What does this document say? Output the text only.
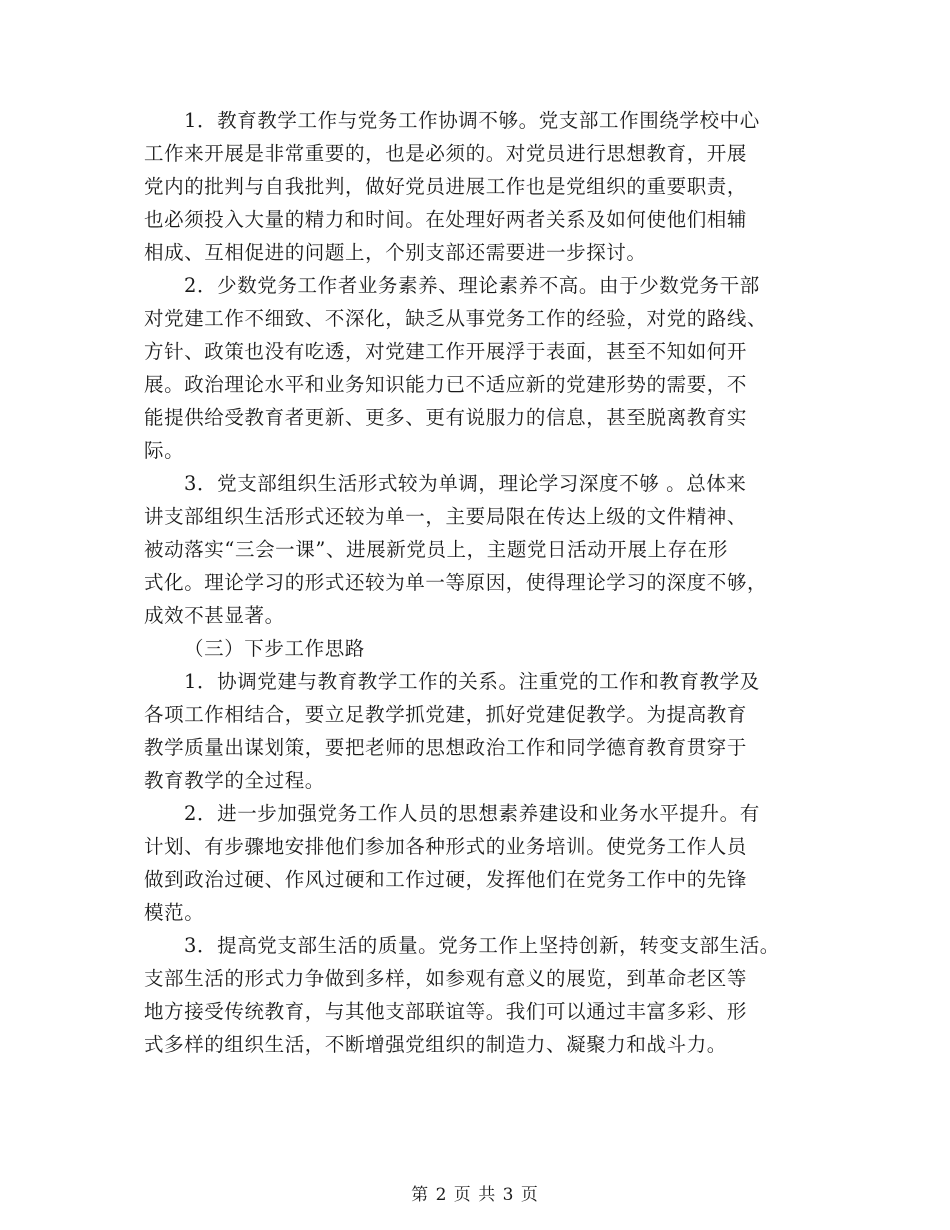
1．教育教学工作与党务工作协调不够。党支部工作围绕学校中心
工作来开展是非常重要的，也是必须的。对党员进行思想教育，开展
党内的批判与自我批判，做好党员进展工作也是党组织的重要职责，
也必须投入大量的精力和时间。在处理好两者关系及如何使他们相辅
相成、互相促进的问题上，个别支部还需要进一步探讨。
2．少数党务工作者业务素养、理论素养不高。由于少数党务干部
对党建工作不细致、不深化，缺乏从事党务工作的经验，对党的路线、
方针、政策也没有吃透，对党建工作开展浮于表面，甚至不知如何开
展。政治理论水平和业务知识能力已不适应新的党建形势的需要，不
能提供给受教育者更新、更多、更有说服力的信息，甚至脱离教育实
际。
3．党支部组织生活形式较为单调，理论学习深度不够 。总体来
讲支部组织生活形式还较为单一，主要局限在传达上级的文件精神、
被动落实“三会一课”、进展新党员上，主题党日活动开展上存在形
式化。理论学习的形式还较为单一等原因，使得理论学习的深度不够，
成效不甚显著。
（三）下步工作思路
1．协调党建与教育教学工作的关系。注重党的工作和教育教学及
各项工作相结合，要立足教学抓党建，抓好党建促教学。为提高教育
教学质量出谋划策，要把老师的思想政治工作和同学德育教育贯穿于
教育教学的全过程。
2．进一步加强党务工作人员的思想素养建设和业务水平提升。有
计划、有步骤地安排他们参加各种形式的业务培训。使党务工作人员
做到政治过硬、作风过硬和工作过硬，发挥他们在党务工作中的先锋
模范。
3．提高党支部生活的质量。党务工作上坚持创新，转变支部生活。
支部生活的形式力争做到多样，如参观有意义的展览，到革命老区等
地方接受传统教育，与其他支部联谊等。我们可以通过丰富多彩、形
式多样的组织生活，不断增强党组织的制造力、凝聚力和战斗力。
第 2 页 共 3 页
